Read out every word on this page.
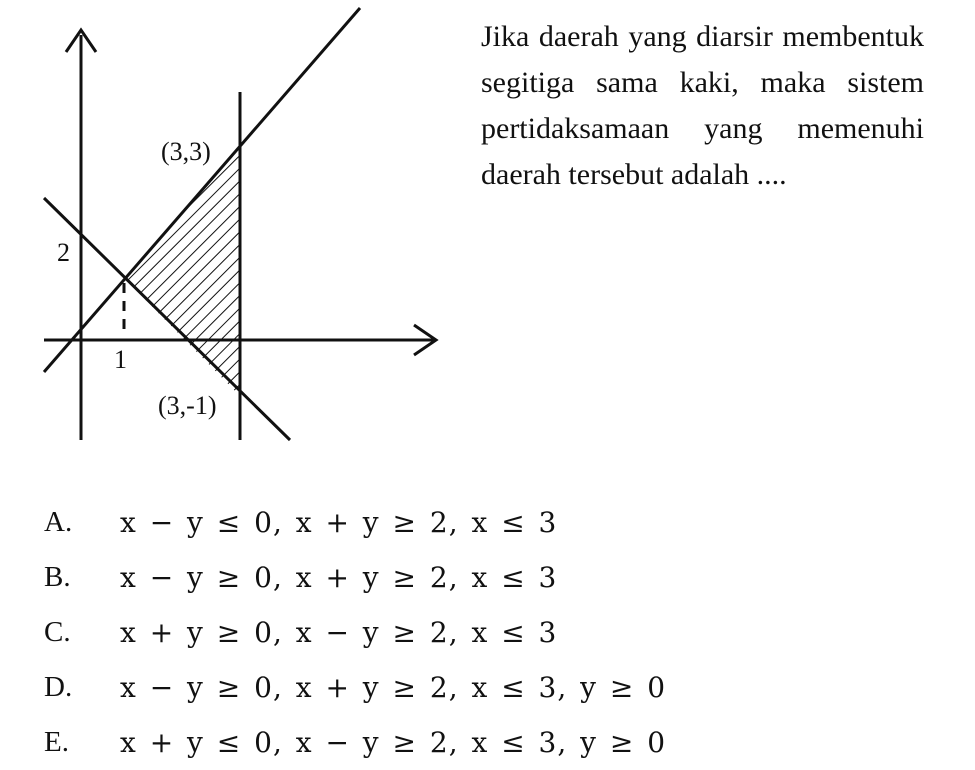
(3,3)
2
1
(3,-1)

Jika daerah yang diarsir membentuk segitiga sama kaki, maka sistem pertidaksamaan yang memenuhi daerah tersebut adalah ....

A.	x − y ≤ 0, x + y ≥ 2, x ≤ 3
B.	x − y ≥ 0, x + y ≥ 2, x ≤ 3
C.	x + y ≥ 0, x − y ≥ 2, x ≤ 3
D.	x − y ≥ 0, x + y ≥ 2, x ≤ 3, y ≥ 0
E.	x + y ≤ 0, x − y ≥ 2, x ≤ 3, y ≥ 0
